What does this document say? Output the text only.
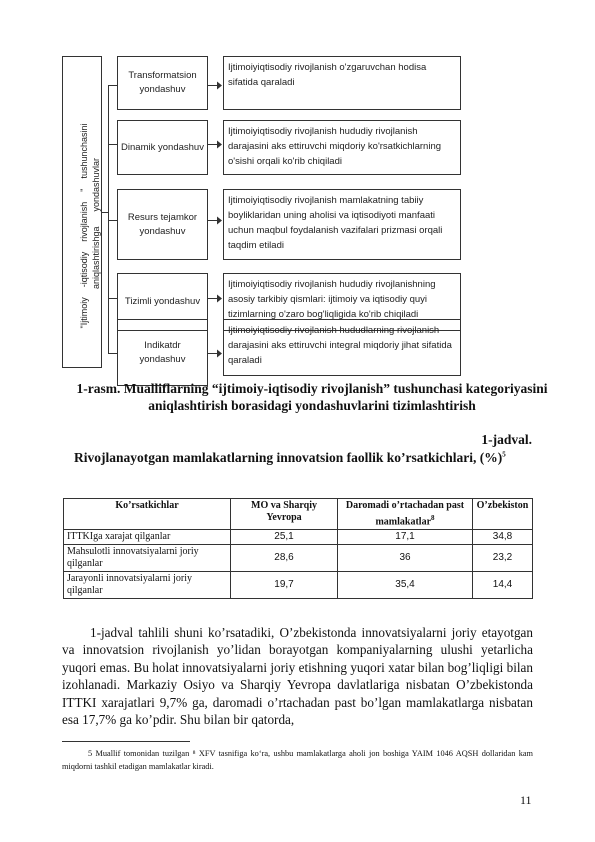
"Ijtimoiy    -iqtisodiy    rivojlanish    "    tushunchasini
aniqlashtirishga      yondashuvlar
Transformatsion yondashuv
Ijtimoiyiqtisodiy rivojlanish o'zgaruvchan hodisa sifatida qaraladi
Dinamik yondashuv
Ijtimoiyiqtisodiy rivojlanish hududiy rivojlanish darajasini aks ettiruvchi miqdoriy ko'rsatkichlarning o'sishi orqali ko'rib chiqiladi
Resurs tejamkor yondashuv
Ijtimoiyiqtisodiy rivojlanish mamlakatning tabiiy boyliklaridan uning aholisi va iqtisodiyoti manfaati uchun maqbul foydalanish vazifalari prizmasi orqali taqdim etiladi
Tizimli yondashuv
Ijtimoiyiqtisodiy rivojlanish hududiy rivojlanishning asosiy tarkibiy qismlari: ijtimoiy va iqtisodiy quyi tizimlarning o'zaro bog'liqligida ko'rib chiqiladi
Indikatdr yondashuv
Ijtimoiyiqtisodiy rivojlanish hududlarning rivojlanish darajasini aks ettiruvchi integral miqdoriy jihat sifatida qaraladi
1-rasm. Mualliflarning “ijtimoiy-iqtisodiy rivojlanish” tushunchasi kategoriyasini aniqlashtirish borasidagi yondashuvlarini tizimlashtirish
1-jadval.
Rivojlanayotgan mamlakatlarning innovatsion faollik ko’rsatkichlari, (%)$^5$
Ko’rsatkichlar	MO va Sharqiy Yevropa	Daromadi o’rtachadan past mamlakatlar$^8$	O’zbekiston
ITTKIga xarajat qilganlar	25,1	17,1	34,8
Mahsulotli innovatsiyalarni joriy qilganlar	28,6	36	23,2
Jarayonli innovatsiyalarni joriy qilganlar	19,7	35,4	14,4
1-jadval tahlili shuni ko’rsatadiki, O’zbekistonda innovatsiyalarni joriy etayotgan va innovatsion rivojlanish yo’lidan borayotgan kompaniyalarning ulushi yetarlicha yuqori emas. Bu holat innovatsiyalarni joriy etishning yuqori xatar bilan bog’liqligi bilan izohlanadi. Markaziy Osiyo va Sharqiy Yevropa davlatlariga nisbatan O’zbekistonda ITTKI xarajatlari 9,7% ga, daromadi o’rtachadan past bo’lgan mamlakatlarga nisbatan esa 17,7% ga ko’pdir. Shu bilan bir qatorda,
5 Muallif tomonidan tuzilgan ⁸ XFV tasnifiga ko‘ra, ushbu mamlakatlarga aholi jon boshiga YAIM 1046 AQSH dollaridan kam miqdorni tashkil etadigan mamlakatlar kiradi.
11
